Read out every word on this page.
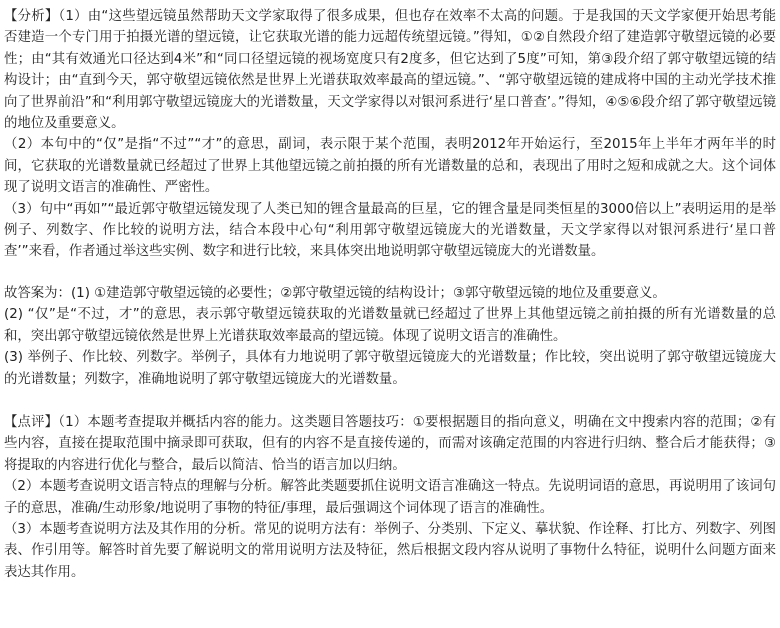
【分析】（1）由“这些望远镜虽然帮助天文学家取得了很多成果，但也存在效率不太高的问题。于是我国的天文学家便开始思考能否建造一个专门用于拍摄光谱的望远镜，让它获取光谱的能力远超传统望远镜。”得知，①②自然段介绍了建造郭守敬望远镜的必要性；由“其有效通光口径达到4米”和“同口径望远镜的视场宽度只有2度多，但它达到了5度”可知，第③段介绍了郭守敬望远镜的结构设计；由“直到今天，郭守敬望远镜依然是世界上光谱获取效率最高的望远镜。”、“郭守敬望远镜的建成将中国的主动光学技术推向了世界前沿”和“利用郭守敬望远镜庞大的光谱数量，天文学家得以对银河系进行‘星口普查’。”得知，④⑤⑥段介绍了郭守敬望远镜的地位及重要意义。

（2）本句中的“仅”是指“不过”“才”的意思，副词，表示限于某个范围，表明2012年开始运行，至2015年上半年才两年半的时间，它获取的光谱数量就已经超过了世界上其他望远镜之前拍摄的所有光谱数量的总和，表现出了用时之短和成就之大。这个词体现了说明文语言的准确性、严密性。

（3）句中“再如”“最近郭守敬望远镜发现了人类已知的锂含量最高的巨星，它的锂含量是同类恒星的3000倍以上”表明运用的是举例子、列数字、作比较的说明方法，结合本段中心句“利用郭守敬望远镜庞大的光谱数量，天文学家得以对银河系进行‘星口普查’”来看，作者通过举这些实例、数字和进行比较，来具体突出地说明郭守敬望远镜庞大的光谱数量。

故答案为：(1) ①建造郭守敬望远镜的必要性；②郭守敬望远镜的结构设计；③郭守敬望远镜的地位及重要意义。

(2) “仅”是“不过，才”的意思，表示郭守敬望远镜获取的光谱数量就已经超过了世界上其他望远镜之前拍摄的所有光谱数量的总和，突出郭守敬望远镜依然是世界上光谱获取效率最高的望远镜。体现了说明文语言的准确性。

(3) 举例子、作比较、列数字。举例子，具体有力地说明了郭守敬望远镜庞大的光谱数量；作比较，突出说明了郭守敬望远镜庞大的光谱数量；列数字，准确地说明了郭守敬望远镜庞大的光谱数量。

【点评】（1）本题考查提取并概括内容的能力。这类题目答题技巧：①要根据题目的指向意义，明确在文中搜索内容的范围；②有些内容，直接在提取范围中摘录即可获取，但有的内容不是直接传递的，而需对该确定范围的内容进行归纳、整合后才能获得；③将提取的内容进行优化与整合，最后以简洁、恰当的语言加以归纳。

（2）本题考查说明文语言特点的理解与分析。解答此类题要抓住说明文语言准确这一特点。先说明词语的意思，再说明用了该词句子的意思，准确/生动形象/地说明了事物的特征/事理，最后强调这个词体现了语言的准确性。

（3）本题考查说明方法及其作用的分析。常见的说明方法有：举例子、分类别、下定义、摹状貌、作诠释、打比方、列数字、列图表、作引用等。解答时首先要了解说明文的常用说明方法及特征，然后根据文段内容从说明了事物什么特征，说明什么问题方面来表达其作用。
